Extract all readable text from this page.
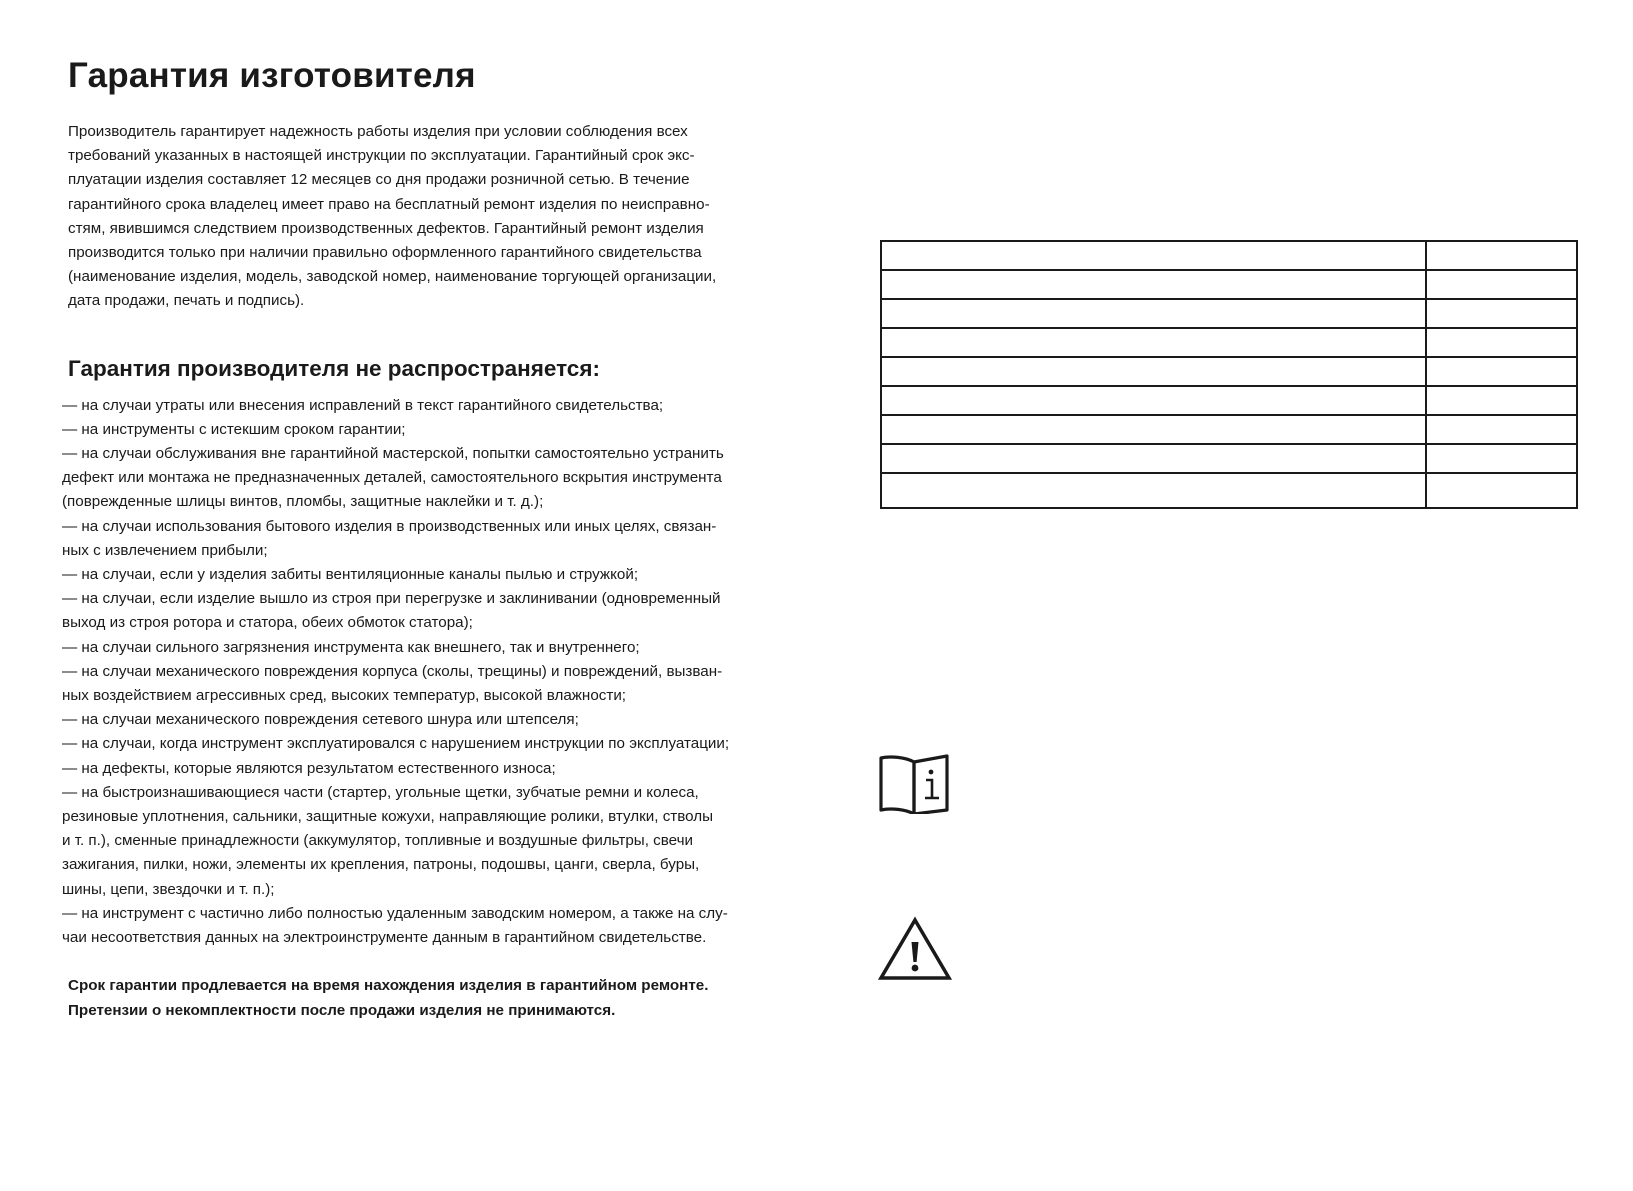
Гарантия изготовителя

Производитель гарантирует надежность работы изделия при условии соблюдения всех
требований указанных в настоящей инструкции по эксплуатации. Гарантийный срок экс-
плуатации изделия составляет 12 месяцев со дня продажи розничной сетью. В течение
гарантийного срока владелец имеет право на бесплатный ремонт изделия по неисправно-
стям, явившимся следствием производственных дефектов. Гарантийный ремонт изделия
производится только при наличии правильно оформленного гарантийного свидетельства
(наименование изделия, модель, заводской номер, наименование торгующей организации,
дата продажи, печать и подпись).

Гарантия производителя не распространяется:
— на случаи утраты или внесения исправлений в текст гарантийного свидетельства;
— на инструменты с истекшим сроком гарантии;
— на случаи обслуживания вне гарантийной мастерской, попытки самостоятельно устранить
дефект или монтажа не предназначенных деталей, самостоятельного вскрытия инструмента
(поврежденные шлицы винтов, пломбы, защитные наклейки и т. д.);
— на случаи использования бытового изделия в производственных или иных целях, связан-
ных с извлечением прибыли;
— на случаи, если у изделия забиты вентиляционные каналы пылью и стружкой;
— на случаи, если изделие вышло из строя при перегрузке и заклинивании (одновременный
выход из строя ротора и статора, обеих обмоток статора);
— на случаи сильного загрязнения инструмента как внешнего, так и внутреннего;
— на случаи механического повреждения корпуса (сколы, трещины) и повреждений, вызван-
ных воздействием агрессивных сред, высоких температур, высокой влажности;
— на случаи механического повреждения сетевого шнура или штепселя;
— на случаи, когда инструмент эксплуатировался с нарушением инструкции по эксплуатации;
— на дефекты, которые являются результатом естественного износа;
— на быстроизнашивающиеся части (стартер, угольные щетки, зубчатые ремни и колеса,
резиновые уплотнения, сальники, защитные кожухи, направляющие ролики, втулки, стволы
и т. п.), сменные принадлежности (аккумулятор, топливные и воздушные фильтры, свечи
зажигания, пилки, ножи, элементы их крепления, патроны, подошвы, цанги, сверла, буры,
шины, цепи, звездочки и т. п.);
— на инструмент с частично либо полностью удаленным заводским номером, а также на слу-
чаи несоответствия данных на электроинструменте данным в гарантийном свидетельстве.

Срок гарантии продлевается на время нахождения изделия в гарантийном ремонте.

Претензии о некомплектности после продажи изделия не принимаются.
